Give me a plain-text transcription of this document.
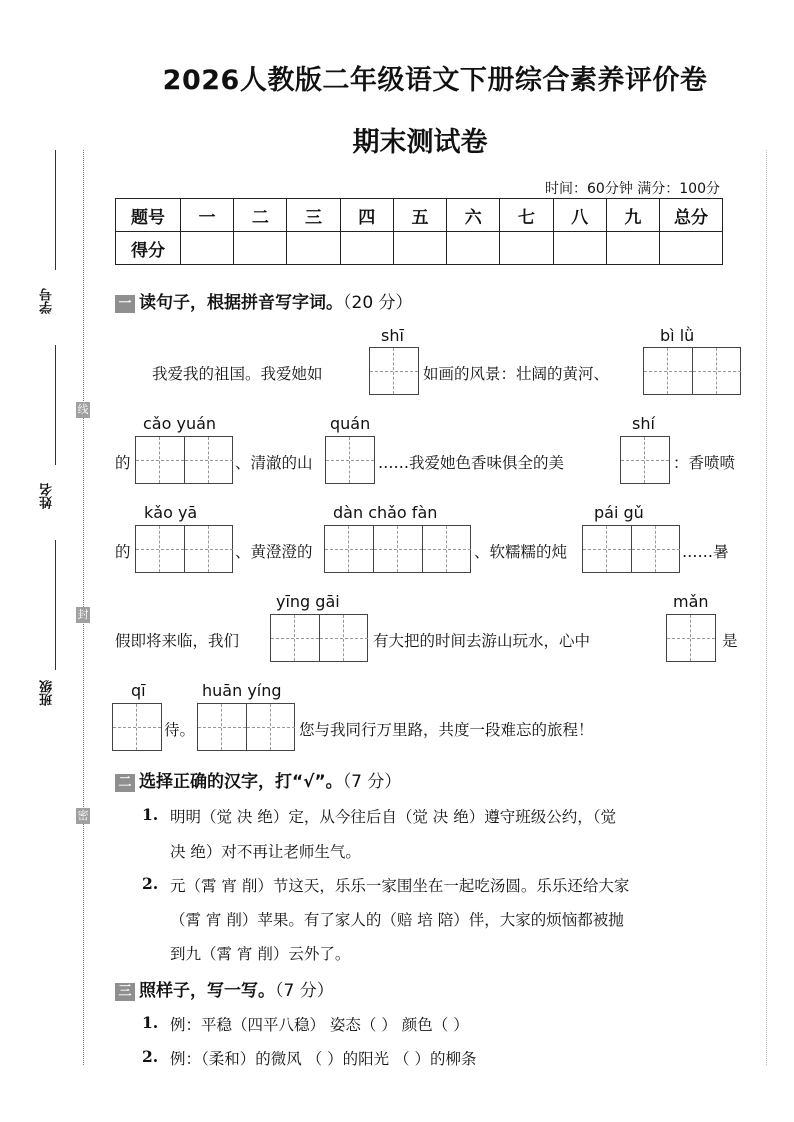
2026人教版二年级语文下册综合素养评价卷
期末测试卷
时间：60分钟 满分：100分
题号	一	二	三	四	五	六	七	八	九	总分
得分										
学号
姓名
班级
线
封
密
一 读句子，根据拼音写字词。（20 分）
shī	bì lǜ
我爱我的祖国。我爱她如	如画的风景：壮阔的黄河、
cǎo yuán	quán	shí
的	、清澈的山	……我爱她色香味俱全的美	：香喷喷
kǎo yā	dàn chǎo fàn	pái gǔ
的	、黄澄澄的	、软糯糯的炖	……暑
yīng gāi	mǎn
假即将来临，我们	有大把的时间去游山玩水，心中	是
qī	huān yíng
待。	您与我同行万里路，共度一段难忘的旅程！
二 选择正确的汉字，打“√”。（7 分）
1. 明明（觉 决 绝）定，从今往后自（觉 决 绝）遵守班级公约，（觉
决 绝）对不再让老师生气。
2. 元（霄 宵 削）节这天，乐乐一家围坐在一起吃汤圆。乐乐还给大家
（霄 宵 削）苹果。有了家人的（赔 培 陪）伴，大家的烦恼都被抛
到九（霄 宵 削）云外了。
三 照样子，写一写。（7 分）
1. 例：平稳（四平八稳） 姿态（ ） 颜色（ ）
2. 例：（柔和）的微风 （ ）的阳光 （ ）的柳条
